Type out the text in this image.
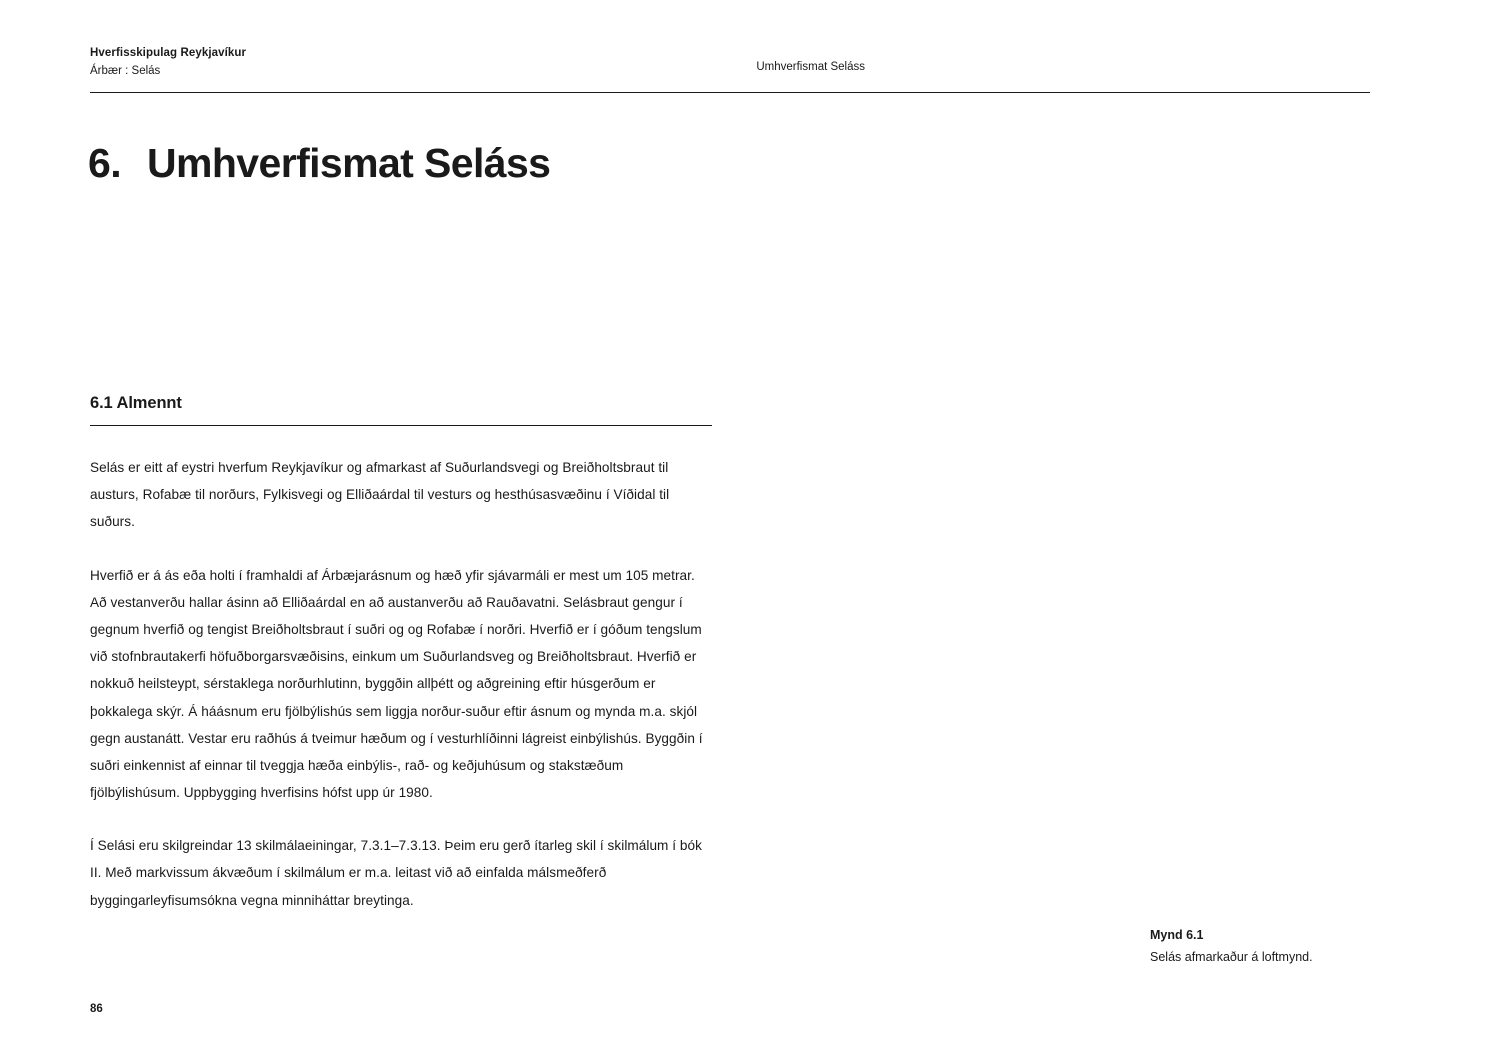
Hverfisskipulag Reykjavíkur
Árbær : Selás	Umhverfismat Seláss
6. Umhverfismat Seláss
6.1 Almennt

Selás er eitt af eystri hverfum Reykjavíkur og afmarkast af Suðurlandsvegi og Breiðholtsbraut til austurs, Rofabæ til norðurs, Fylkisvegi og Elliðaárdal til vesturs og hesthúsasvæðinu í Víðidal til suðurs.

Hverfið er á ás eða holti í framhaldi af Árbæjarásnum og hæð yfir sjávarmáli er mest um 105 metrar. Að vestanverðu hallar ásinn að Elliðaárdal en að austanverðu að Rauðavatni. Selásbraut gengur í gegnum hverfið og tengist Breiðholtsbraut í suðri og og Rofabæ í norðri. Hverfið er í góðum tengslum við stofnbrautakerfi höfuðborgarsvæðisins, einkum um Suðurlandsveg og Breiðholtsbraut. Hverfið er nokkuð heilsteypt, sérstaklega norðurhlutinn, byggðin allþétt og aðgreining eftir húsgerðum er þokkalega skýr. Á háásnum eru fjölbýlishús sem liggja norður-suður eftir ásnum og mynda m.a. skjól gegn austanátt. Vestar eru raðhús á tveimur hæðum og í vesturhlíðinni lágreist einbýlishús. Byggðin í suðri einkennist af einnar til tveggja hæða einbýlis-, rað- og keðjuhúsum og stakstæðum fjölbýlishúsum. Uppbygging hverfisins hófst upp úr 1980.

Í Selási eru skilgreindar 13 skilmálaeiningar, 7.3.1–7.3.13. Þeim eru gerð ítarleg skil í skilmálum í bók II. Með markvissum ákvæðum í skilmálum er m.a. leitast við að einfalda málsmeðferð byggingarleyfisumsókna vegna minniháttar breytinga.

Mynd 6.1
Selás afmarkaður á loftmynd.
86
